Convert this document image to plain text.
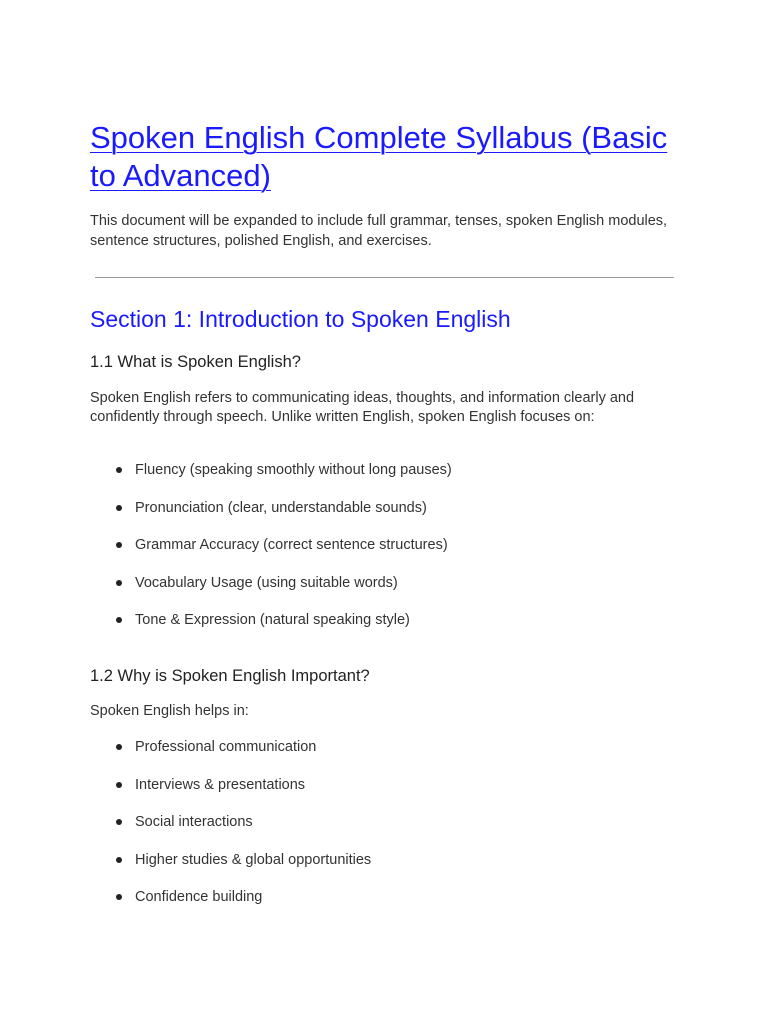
Spoken English Complete Syllabus (Basic to Advanced)

This document will be expanded to include full grammar, tenses, spoken English modules, sentence structures, polished English, and exercises.

Section 1: Introduction to Spoken English
1.1 What is Spoken English?

Spoken English refers to communicating ideas, thoughts, and information clearly and confidently through speech. Unlike written English, spoken English focuses on:

Fluency (speaking smoothly without long pauses)
Pronunciation (clear, understandable sounds)
Grammar Accuracy (correct sentence structures)
Vocabulary Usage (using suitable words)
Tone & Expression (natural speaking style)
1.2 Why is Spoken English Important?

Spoken English helps in:

Professional communication
Interviews & presentations
Social interactions
Higher studies & global opportunities
Confidence building
